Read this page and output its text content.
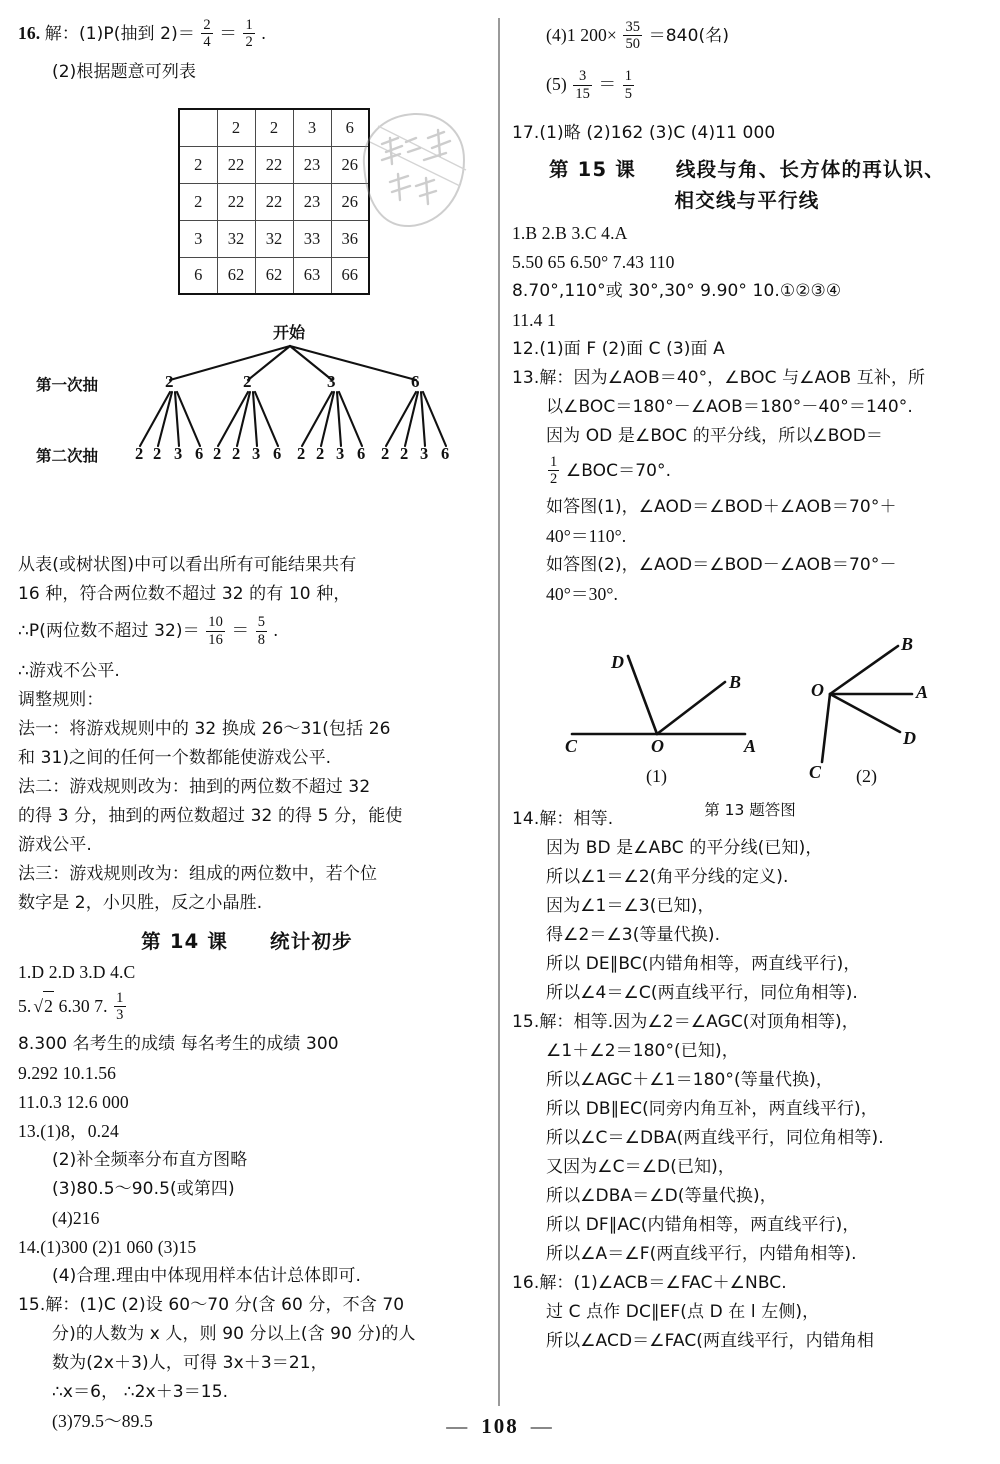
16. 解：(1)P(抽到 $2)= \frac{2}{4} = \frac{1}{2}$ .
(2)根据题意可列表
从表(或树状图)中可以看出所有可能结果共有
16 种，符合两位数不超过 32 的有 10 种，
∴P(两位数不超过 $32)= \frac{10}{16} = \frac{5}{8}$ .
∴游戏不公平.
调整规则：
法一：将游戏规则中的 32 换成 26～31(包括 26
和 31)之间的任何一个数都能使游戏公平.
法二：游戏规则改为：抽到的两位数不超过 32
的得 3 分，抽到的两位数超过 32 的得 5 分，能使
游戏公平.
法三：游戏规则改为：组成的两位数中，若个位
数字是 2，小贝胜，反之小晶胜.
第 14 课 统计初步
1.D 2.D 3.D 4.C
5. √2 6.30 7. $\frac{1}{3}$
8.300 名考生的成绩 每名考生的成绩 300
9.292 10.1.56
11.0.3 12.6 000
13.(1)8，0.24
(2)补全频率分布直方图略
(3)80.5～90.5(或第四)
(4)216
14.(1)300 (2)1 060 (3)15
(4)合理.理由中体现用样本估计总体即可.
15.解：(1)C (2)设 60～70 分(含 60 分，不含 70
分)的人数为 x 人，则 90 分以上(含 90 分)的人
数为(2x＋3)人，可得 3x＋3＝21，
∴x＝6， ∴2x＋3＝15.
(3)79.5～89.5
	2	2	3	6
2	22	22	23	26
2	22	22	23	26
3	32	32	33	36
6	62	62	63	66
开始
第一次抽
第二次抽
2	2	3	6
2 2 3 6 2 2 3 6 2 2 3 6 2 2 3 6
(4)1 $200\times \frac{35}{50} =840$(名)
$(5) \frac{3}{15} = \frac{1}{5}$
17.(1)略 (2)162 (3)C (4)11 000
第 15 课 线段与角、长方体的再认识、
相交线与平行线
1.B 2.B 3.C 4.A
5.50 65 6.50° 7.43 110
8.70°,110°或 30°,30° 9.90° 10.①②③④
11.4 1
12.(1)面 F (2)面 C (3)面 A
13.解：因为∠AOB＝40°，∠BOC 与∠AOB 互补，所
以∠BOC＝180°－∠AOB＝180°－40°＝140°.
因为 OD 是∠BOC 的平分线，所以∠BOD＝
$\frac{1}{2}$ ∠BOC＝70°.
如答图(1)，∠AOD＝∠BOD＋∠AOB＝70°＋
40°＝110°.
如答图(2)，∠AOD＝∠BOD－∠AOB＝70°－
40°＝30°.
14.解：相等.
因为 BD 是∠ABC 的平分线(已知)，
所以∠1＝∠2(角平分线的定义).
因为∠1＝∠3(已知)，
得∠2＝∠3(等量代换).
所以 DE∥BC(内错角相等，两直线平行)，
所以∠4＝∠C(两直线平行，同位角相等).
15.解：相等.因为∠2＝∠AGC(对顶角相等)，
∠1＋∠2＝180°(已知)，
所以∠AGC＋∠1＝180°(等量代换)，
所以 DB∥EC(同旁内角互补，两直线平行)，
所以∠C＝∠DBA(两直线平行，同位角相等).
又因为∠C＝∠D(已知)，
所以∠DBA＝∠D(等量代换)，
所以 DF∥AC(内错角相等，两直线平行)，
所以∠A＝∠F(两直线平行，内错角相等).
16.解：(1)∠ACB＝∠FAC＋∠NBC.
过 C 点作 DC∥EF(点 D 在 l 左侧)，
所以∠ACD＝∠FAC(两直线平行，内错角相
D
B
C	O	A
(1)
B
O	A
D
C (2)
第 13 题答图
— 108 —
